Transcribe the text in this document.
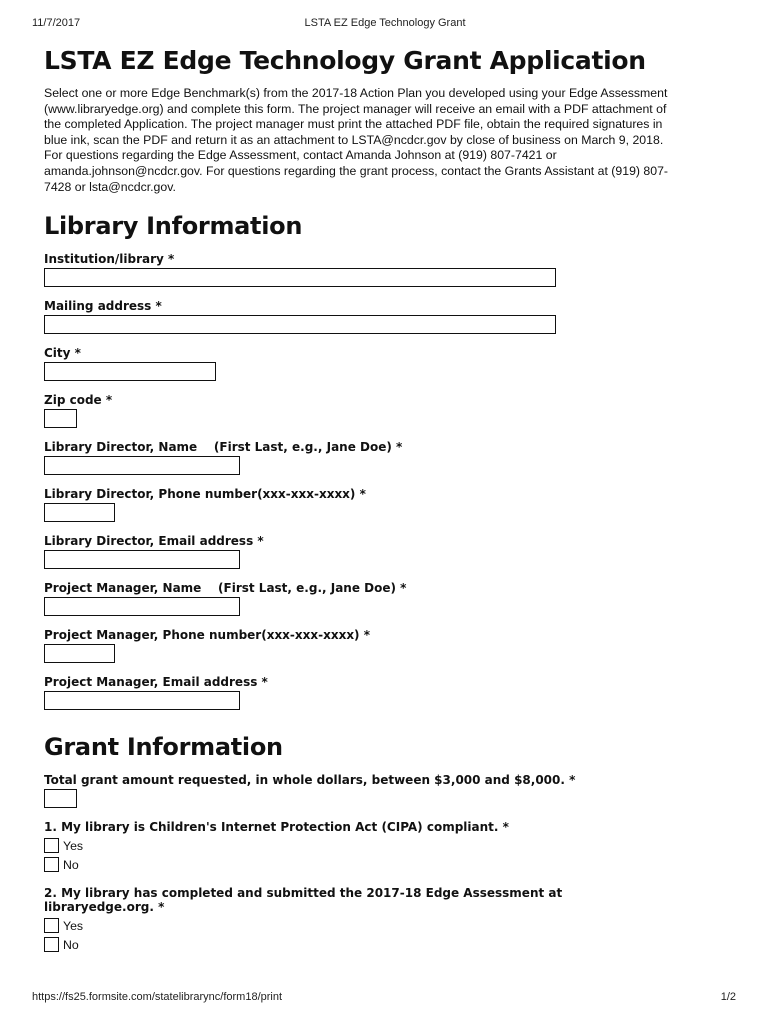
11/7/2017	LSTA EZ Edge Technology Grant
LSTA EZ Edge Technology Grant Application
Select one or more Edge Benchmark(s) from the 2017-18 Action Plan you developed using your Edge Assessment (www.libraryedge.org) and complete this form. The project manager will receive an email with a PDF attachment of the completed Application. The project manager must print the attached PDF file, obtain the required signatures in blue ink, scan the PDF and return it as an attachment to LSTA@ncdcr.gov by close of business on March 9, 2018. For questions regarding the Edge Assessment, contact Amanda Johnson at (919) 807-7421 or amanda.johnson@ncdcr.gov. For questions regarding the grant process, contact the Grants Assistant at (919) 807-7428 or lsta@ncdcr.gov.
Library Information
Institution/library *
Mailing address *
City *
Zip code *
Library Director, Name    (First Last, e.g., Jane Doe) *
Library Director, Phone number(xxx-xxx-xxxx) *
Library Director, Email address *
Project Manager, Name    (First Last, e.g., Jane Doe) *
Project Manager, Phone number(xxx-xxx-xxxx) *
Project Manager, Email address *
Grant Information
Total grant amount requested, in whole dollars, between $3,000 and $8,000. *
1. My library is Children's Internet Protection Act (CIPA) compliant. *
Yes
No
2. My library has completed and submitted the 2017-18 Edge Assessment at libraryedge.org. *
Yes
No
https://fs25.formsite.com/statelibrarync/form18/print	1/2
